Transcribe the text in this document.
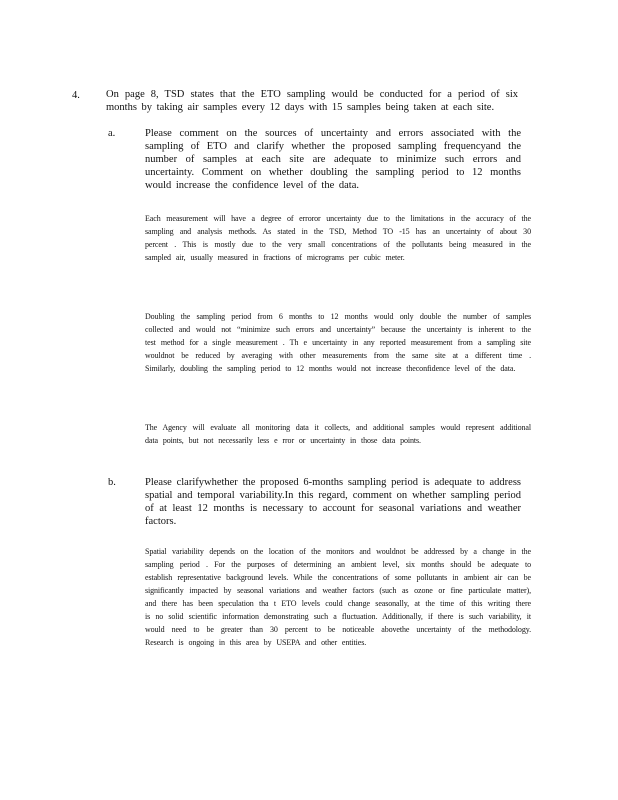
4. On page 8, TSD states that the ETO sampling would be conducted for a period of six months by taking air samples every 12 days with 15 samples being taken at each site.
a.	Please comment on the sources of uncertainty and errors associated with the sampling of ETO and clarify whether the proposed sampling frequencyand the number of samples at each site are adequate to minimize such errors and uncertainty. Comment on whether doubling the sampling period to 12 months would increase the confidence level of the data.

Each measurement will have a degree of erroror uncertainty due to the limitations in the accuracy of the sampling and analysis methods. As stated in the TSD, Method TO -15 has an uncertainty of about 30 percent . This is mostly due to the very small concentrations of the pollutants being measured in the sampled air, usually measured in fractions of micrograms per cubic meter.

Doubling the sampling period from 6 months to 12 months would only double the number of samples collected and would not “minimize such errors and uncertainty” because the uncertainty is inherent to the test method for a single measurement . Th e uncertainty in any reported measurement from a sampling site wouldnot be reduced by averaging with other measurements from the same site at a different time . Similarly, doubling the sampling period to 12 months would not increase theconfidence level of the data.

The Agency will evaluate all monitoring data it collects, and additional samples would represent additional data points, but not necessarily less e rror or uncertainty in those data points.

b.	Please clarifywhether the proposed 6-months sampling period is adequate to address spatial and temporal variability.In this regard, comment on whether sampling period of at least 12 months is necessary to account for seasonal variations and weather factors.

Spatial variability depends on the location of the monitors and wouldnot be addressed by a change in the sampling period . For the purposes of determining an ambient level, six months should be adequate to establish representative background levels. While the concentrations of some pollutants in ambient air can be significantly impacted by seasonal variations and weather factors (such as ozone or fine particulate matter), and there has been speculation tha t ETO levels could change seasonally, at the time of this writing there is no solid scientific information demonstrating such a fluctuation. Additionally, if there is such variability, it would need to be greater than 30 percent to be noticeable abovethe uncertainty of the methodology. Research is ongoing in this area by USEPA and other entities.
